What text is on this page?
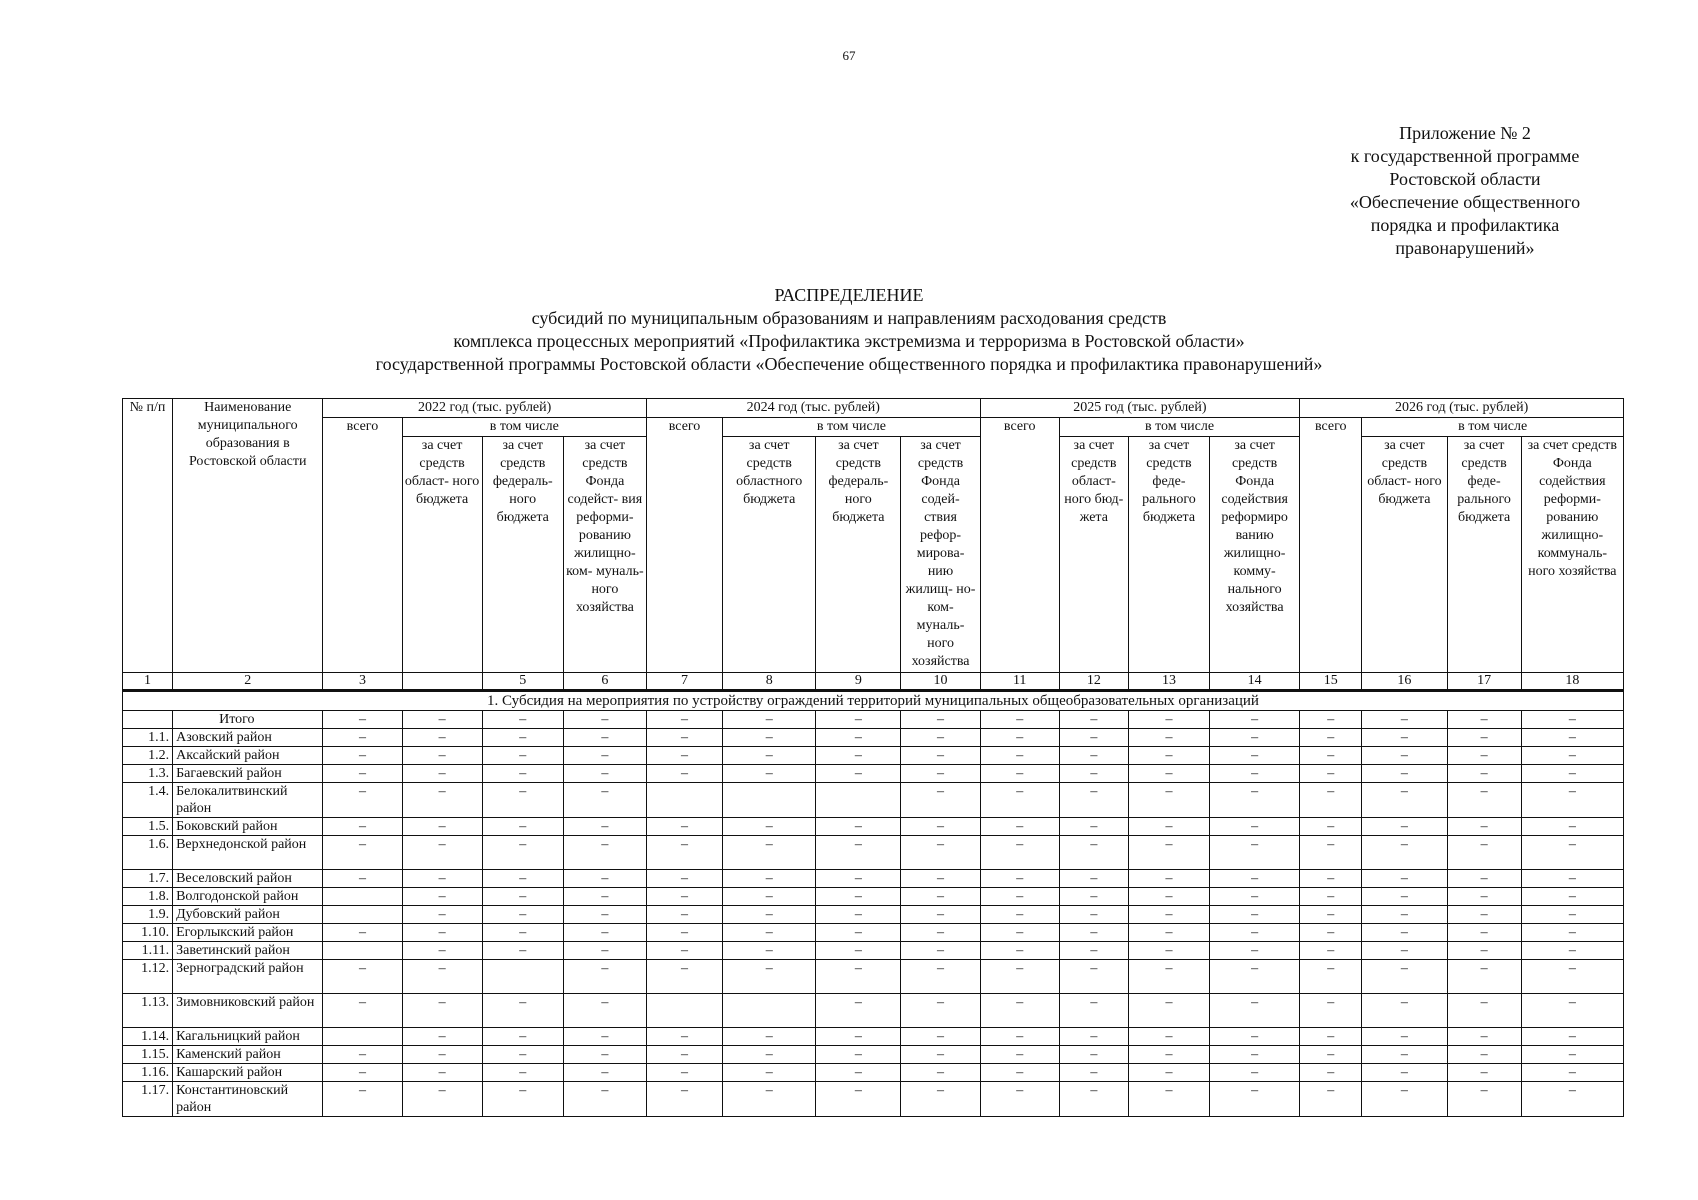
67
Приложение № 2
к государственной программе
Ростовской области
«Обеспечение общественного
порядка и профилактика
правонарушений»
РАСПРЕДЕЛЕНИЕ
субсидий по муниципальным образованиям и направлениям расходования средств
комплекса процессных мероприятий «Профилактика экстремизма и терроризма в Ростовской области»
государственной программы Ростовской области «Обеспечение общественного порядка и профилактика правонарушений»
№ п/п	Наименование муниципального образования в Ростовской области	2022 год (тыс. рублей)				2024 год (тыс. рублей)				2025 год (тыс. рублей)				2026 год (тыс. рублей)			
		всего	в том числе			всего	в том числе			всего	в том числе			всего	в том числе		
			за счет средств област- ного бюджета	за счет средств федераль- ного бюджета	за счет средств Фонда содейст- вия реформи- рованию жилищно- ком- муналь- ного хозяйства		за счет средств областного бюджета	за счет средств федераль- ного бюджета	за счет средств Фонда содей- ствия рефор- мирова- нию жилищ- но-ком- муналь- ного хозяйства		за счет средств област- ного бюд- жета	за счет средств феде- рального бюджета	за счет средств Фонда содействия реформиро ванию жилищно- комму- нального хозяйства		за счет средств област- ного бюджета	за счет средств феде- рального бюджета	за счет средств Фонда содействия реформи- рованию жилищно- коммуналь- ного хозяйства
1	2	3		5	6	7	8	9	10	11	12	13	14	15	16	17	18
1. Субсидия на мероприятия по устройству ограждений территорий муниципальных общеобразовательных организаций																	
	Итого	–	–	–	–	–	–	–	–	–	–	–	–	–	–	–	–
1.1.	Азовский район	–	–	–	–	–	–	–	–	–	–	–	–	–	–	–	–
1.2.	Аксайский район	–	–	–	–	–	–	–	–	–	–	–	–	–	–	–	–
1.3.	Багаевский район	–	–	–	–	–	–	–	–	–	–	–	–	–	–	–	–
1.4.	Белокалитвинский район	–	–	–	–				–	–	–	–	–	–	–	–	–
1.5.	Боковский район	–	–	–	–	–	–	–	–	–	–	–	–	–	–	–	–
1.6.	Верхнедонской район	–	–	–	–	–	–	–	–	–	–	–	–	–	–	–	–
1.7.	Веселовский район	–	–	–	–	–	–	–	–	–	–	–	–	–	–	–	–
1.8.	Волгодонской район		–	–	–	–	–	–	–	–	–	–	–	–	–	–	–
1.9.	Дубовский район		–	–	–	–	–	–	–	–	–	–	–	–	–	–	–
1.10.	Егорлыкский район	–	–	–	–	–	–	–	–	–	–	–	–	–	–	–	–
1.11.	Заветинский район		–	–	–	–	–	–	–	–	–	–	–	–	–	–	–
1.12.	Зерноградский район	–	–		–	–	–	–	–	–	–	–	–	–	–	–	–
1.13.	Зимовниковский район	–	–	–	–			–	–	–	–	–	–	–	–	–	–
1.14.	Кагальницкий район		–	–	–	–	–	–	–	–	–	–	–	–	–	–	–
1.15.	Каменский район	–	–	–	–	–	–	–	–	–	–	–	–	–	–	–	–
1.16.	Кашарский район	–	–	–	–	–	–	–	–	–	–	–	–	–	–	–	–
1.17.	Константиновский район	–	–	–	–	–	–	–	–	–	–	–	–	–	–	–	–
